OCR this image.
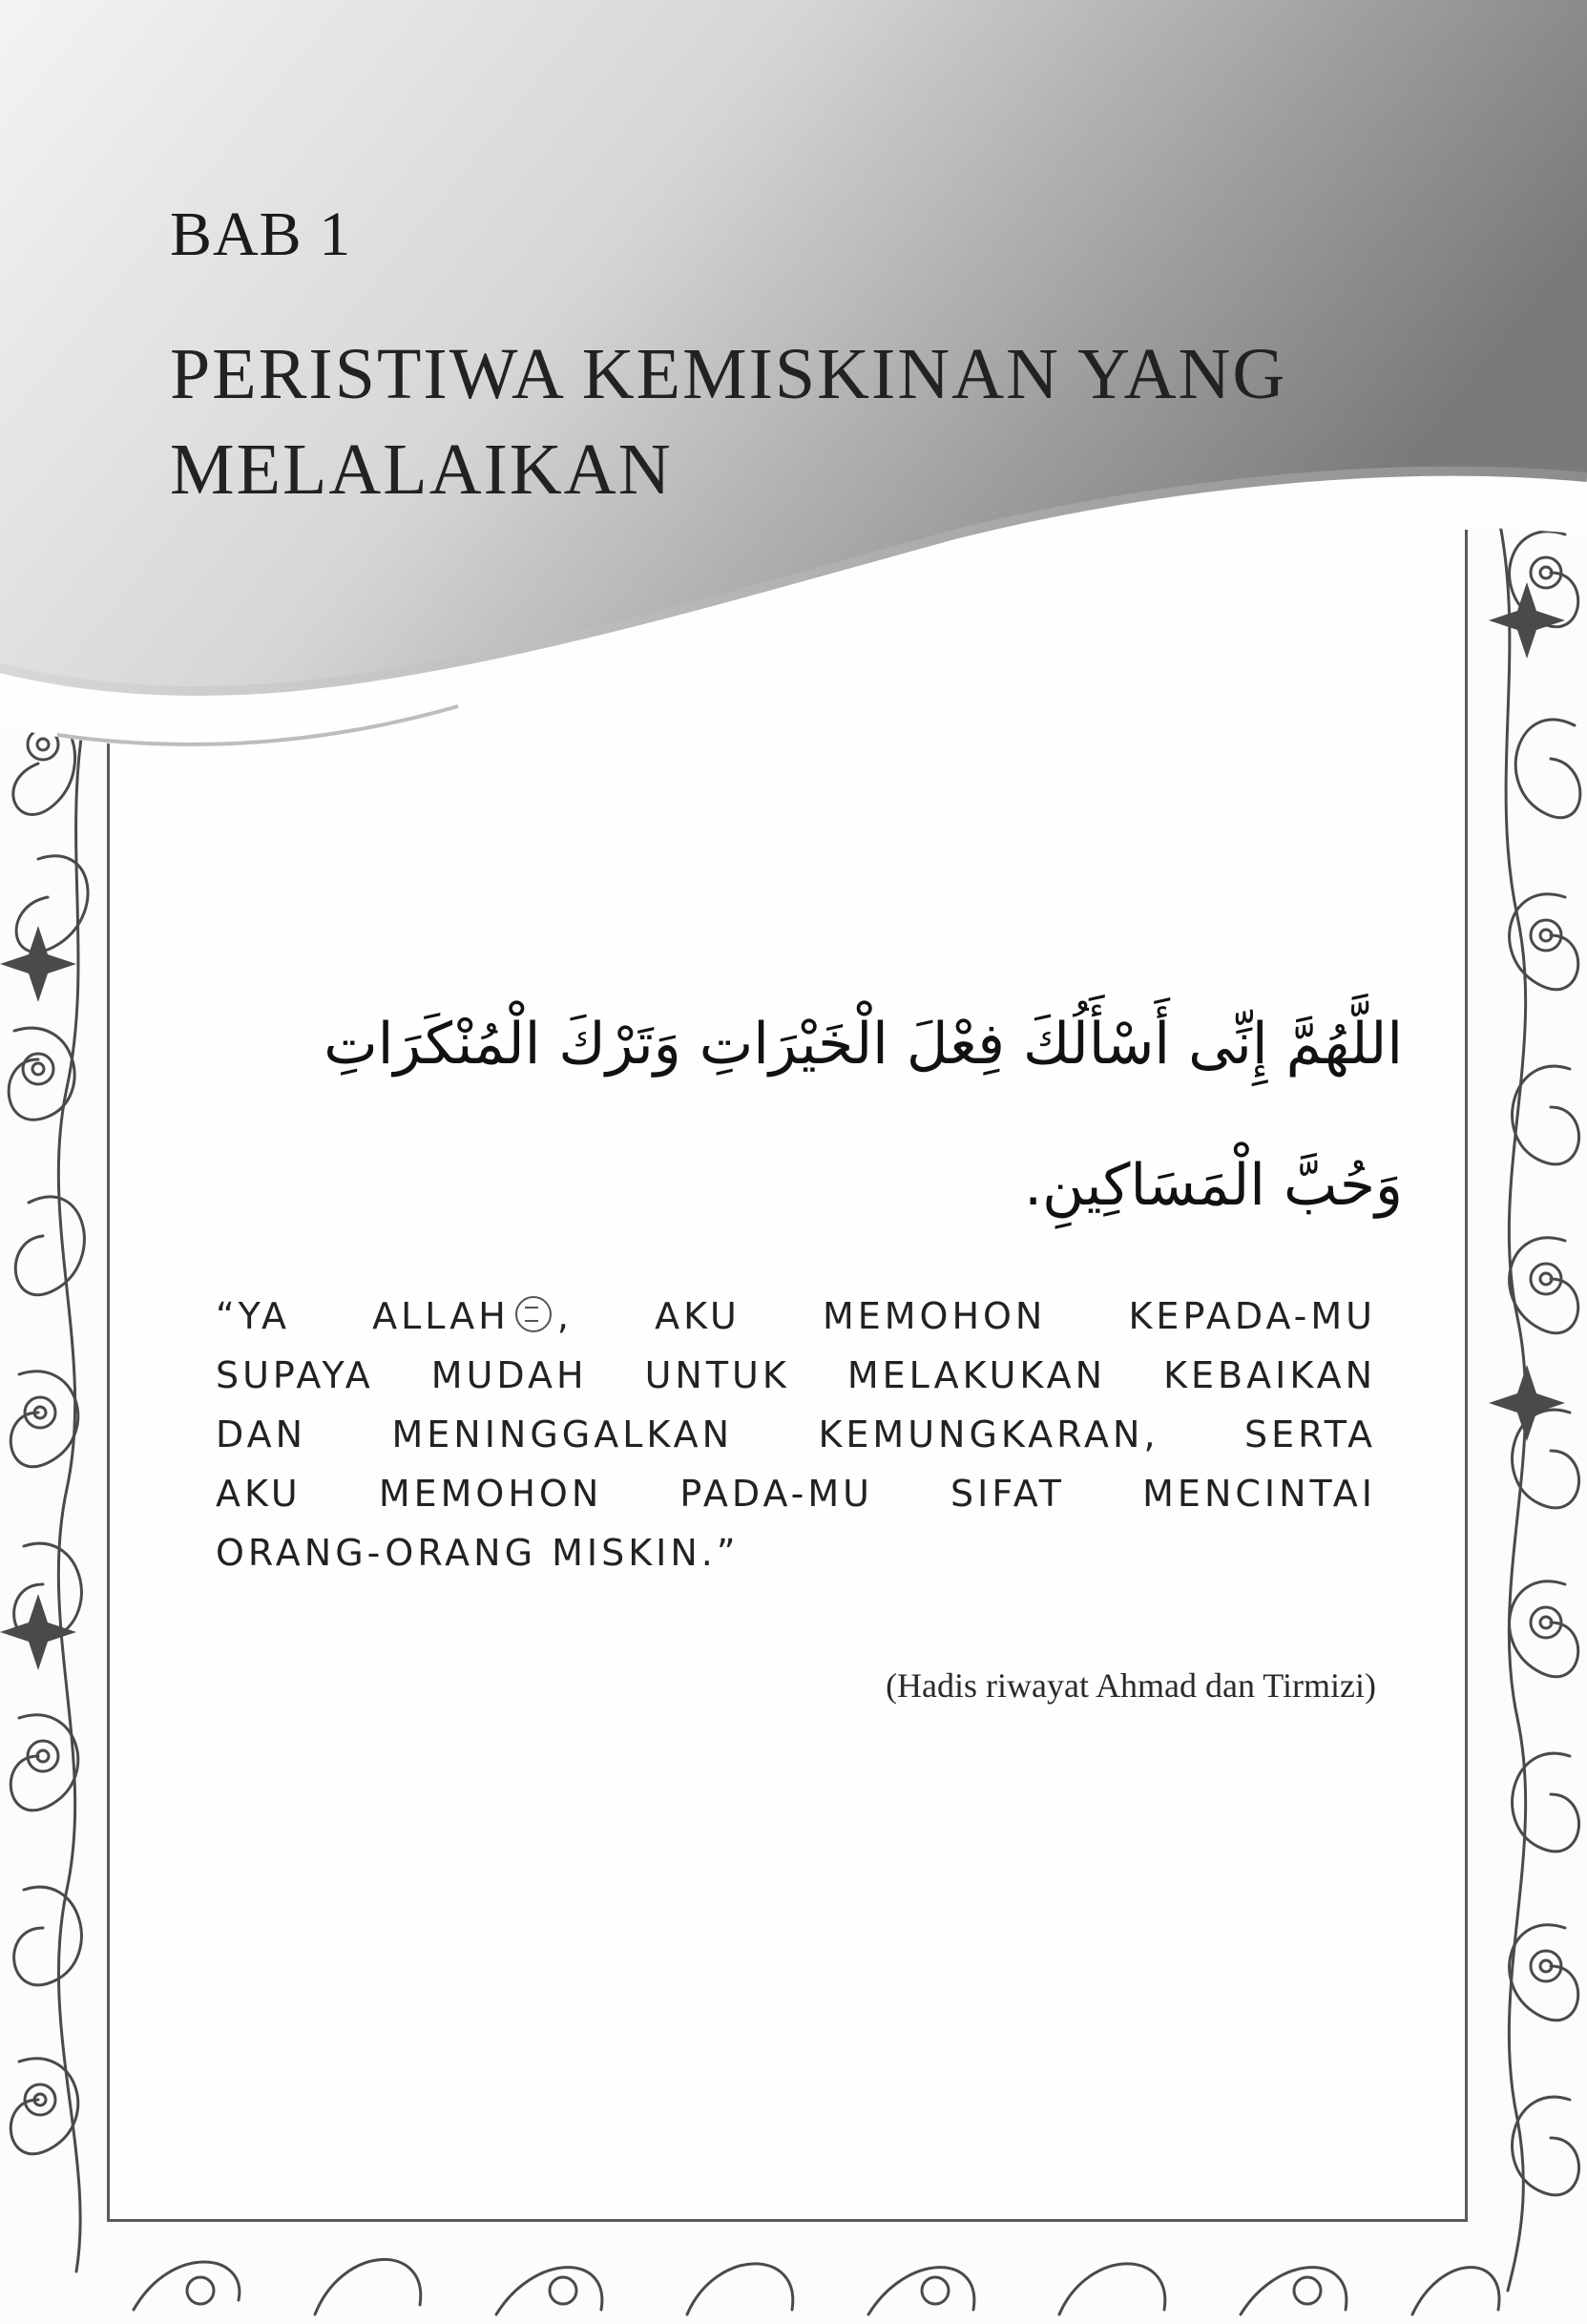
BAB 1
PERISTIWA KEMISKINAN YANG
MELALAIKAN
اللَّهُمَّ إِنِّى أَسْأَلُكَ فِعْلَ الْخَيْرَاتِ وَتَرْكَ الْمُنْكَرَاتِ
وَحُبَّ الْمَسَاكِينِ.
“YA ALLAH , AKU MEMOHON KEPADA-MU
SUPAYA MUDAH UNTUK MELAKUKAN KEBAIKAN
DAN MENINGGALKAN KEMUNGKARAN, SERTA
AKU MEMOHON PADA-MU SIFAT MENCINTAI
ORANG-ORANG MISKIN.”
(Hadis riwayat Ahmad dan Tirmizi)
